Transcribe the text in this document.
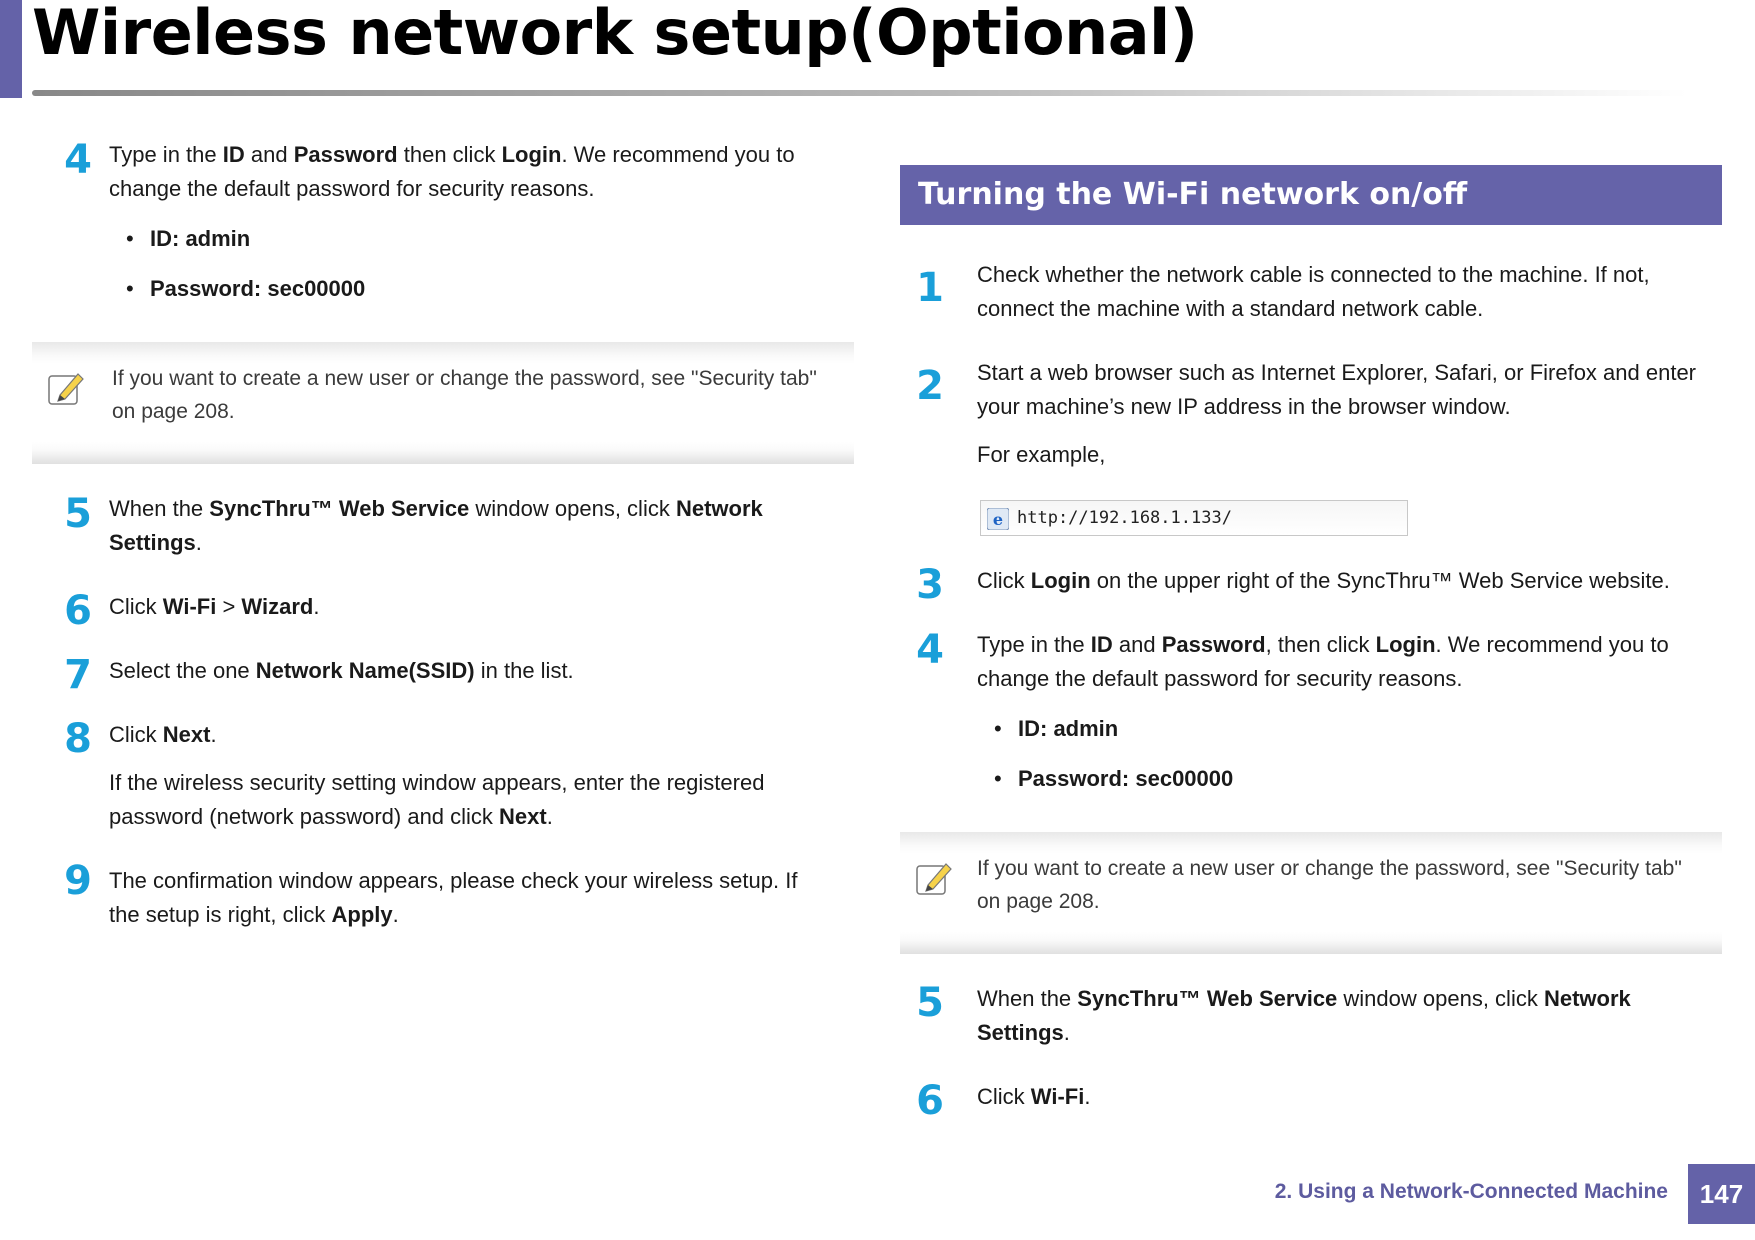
Wireless network setup(Optional)
4 Type in the ID and Password then click Login. We recommend you to change the default password for security reasons.
• ID: admin
• Password: sec00000
If you want to create a new user or change the password, see "Security tab"
on page 208.
5 When the SyncThru™ Web Service window opens, click Network
Settings.
6 Click Wi-Fi > Wizard.
7 Select the one Network Name(SSID) in the list.
8 Click Next.
If the wireless security setting window appears, enter the registered
password (network password) and click Next.
9 The confirmation window appears, please check your wireless setup. If
the setup is right, click Apply.
Turning the Wi-Fi network on/off
1	Check whether the network cable is connected to the machine. If not,
connect the machine with a standard network cable.
2	Start a web browser such as Internet Explorer, Safari, or Firefox and enter
your machine’s new IP address in the browser window.
For example,
e http://192.168.1.133/
3	Click Login on the upper right of the SyncThru™ Web Service website.
4	Type in the ID and Password, then click Login. We recommend you to
change the default password for security reasons.
• ID: admin
• Password: sec00000
If you want to create a new user or change the password, see "Security tab"
on page 208.
5	When the SyncThru™ Web Service window opens, click Network
Settings.
6	Click Wi-Fi.
2. Using a Network-Connected Machine	147
